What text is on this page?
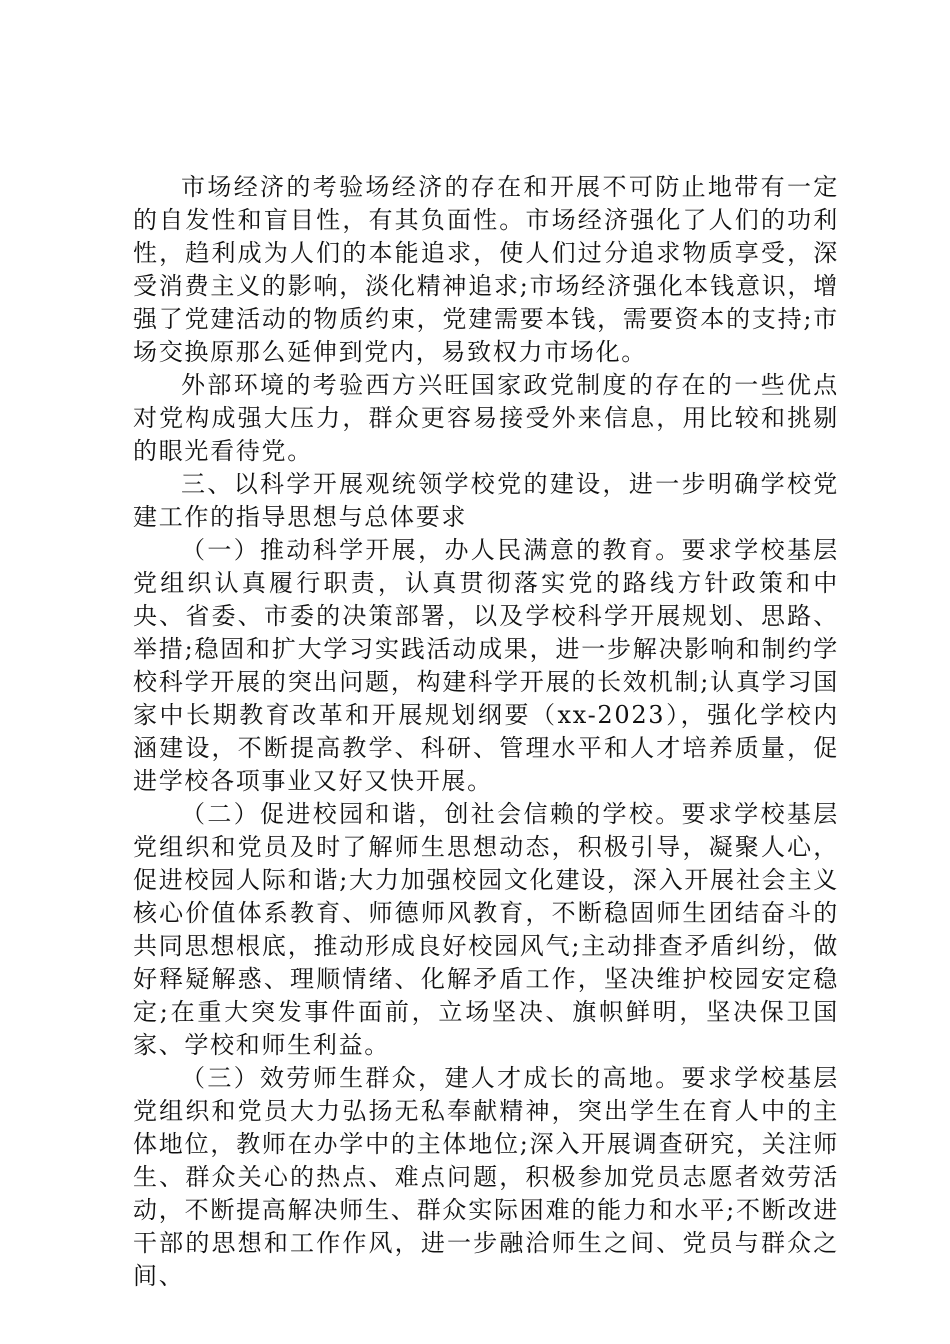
市场经济的考验场经济的存在和开展不可防止地带有一定的自发性和盲目性，有其负面性。市场经济强化了人们的功利性，趋利成为人们的本能追求，使人们过分追求物质享受，深受消费主义的影响，淡化精神追求;市场经济强化本钱意识，增强了党建活动的物质约束，党建需要本钱，需要资本的支持;市场交换原那么延伸到党内，易致权力市场化。

外部环境的考验西方兴旺国家政党制度的存在的一些优点对党构成强大压力，群众更容易接受外来信息，用比较和挑剔的眼光看待党。

三、以科学开展观统领学校党的建设，进一步明确学校党建工作的指导思想与总体要求

（一）推动科学开展，办人民满意的教育。要求学校基层党组织认真履行职责，认真贯彻落实党的路线方针政策和中央、省委、市委的决策部署，以及学校科学开展规划、思路、举措;稳固和扩大学习实践活动成果，进一步解决影响和制约学校科学开展的突出问题，构建科学开展的长效机制;认真学习国家中长期教育改革和开展规划纲要（xx-2023），强化学校内涵建设，不断提高教学、科研、管理水平和人才培养质量，促进学校各项事业又好又快开展。

（二）促进校园和谐，创社会信赖的学校。要求学校基层党组织和党员及时了解师生思想动态，积极引导，凝聚人心，促进校园人际和谐;大力加强校园文化建设，深入开展社会主义核心价值体系教育、师德师风教育，不断稳固师生团结奋斗的共同思想根底，推动形成良好校园风气;主动排查矛盾纠纷，做好释疑解惑、理顺情绪、化解矛盾工作，坚决维护校园安定稳定;在重大突发事件面前，立场坚决、旗帜鲜明，坚决保卫国家、学校和师生利益。

（三）效劳师生群众，建人才成长的高地。要求学校基层党组织和党员大力弘扬无私奉献精神，突出学生在育人中的主体地位，教师在办学中的主体地位;深入开展调查研究，关注师生、群众关心的热点、难点问题，积极参加党员志愿者效劳活动，不断提高解决师生、群众实际困难的能力和水平;不断改进干部的思想和工作作风，进一步融洽师生之间、党员与群众之间、
